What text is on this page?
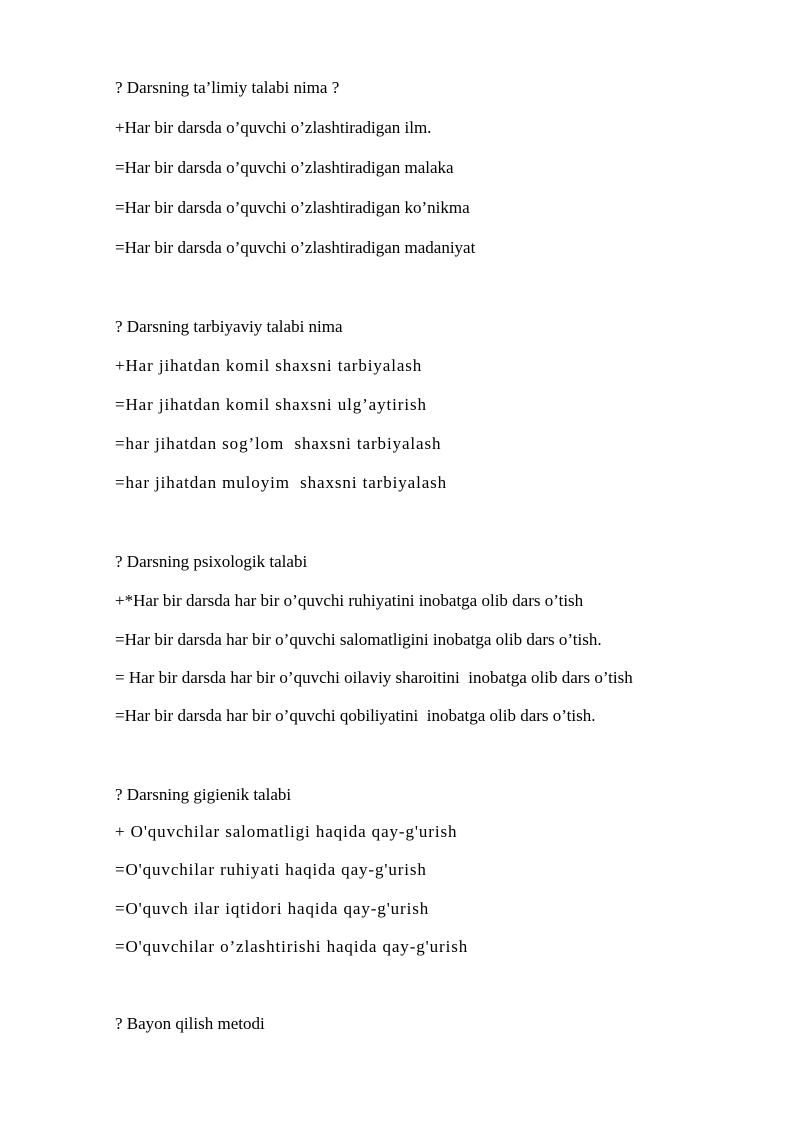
? Darsning ta’limiy talabi nima ?
+Har bir darsda o’quvchi o’zlashtiradigan ilm.
=Har bir darsda o’quvchi o’zlashtiradigan malaka
=Har bir darsda o’quvchi o’zlashtiradigan ko’nikma
=Har bir darsda o’quvchi o’zlashtiradigan madaniyat
? Darsning tarbiyaviy talabi nima
+Har jihatdan komil shaxsni tarbiyalash
=Har jihatdan komil shaxsni ulg’aytirish
=har jihatdan sog’lom  shaxsni tarbiyalash
=har jihatdan muloyim  shaxsni tarbiyalash
? Darsning psixologik talabi
+*Har bir darsda har bir o’quvchi ruhiyatini inobatga olib dars o’tish
=Har bir darsda har bir o’quvchi salomatligini inobatga olib dars o’tish.
= Har bir darsda har bir o’quvchi oilaviy sharoitini  inobatga olib dars o’tish
=Har bir darsda har bir o’quvchi qobiliyatini  inobatga olib dars o’tish.
? Darsning gigienik talabi
+ O'quvchilar salomatligi haqida qay-g'urish
=O'quvchilar ruhiyati haqida qay-g'urish
=O'quvch ilar iqtidori haqida qay-g'urish
=O'quvchilar o’zlashtirishi haqida qay-g'urish
? Bayon qilish metodi
